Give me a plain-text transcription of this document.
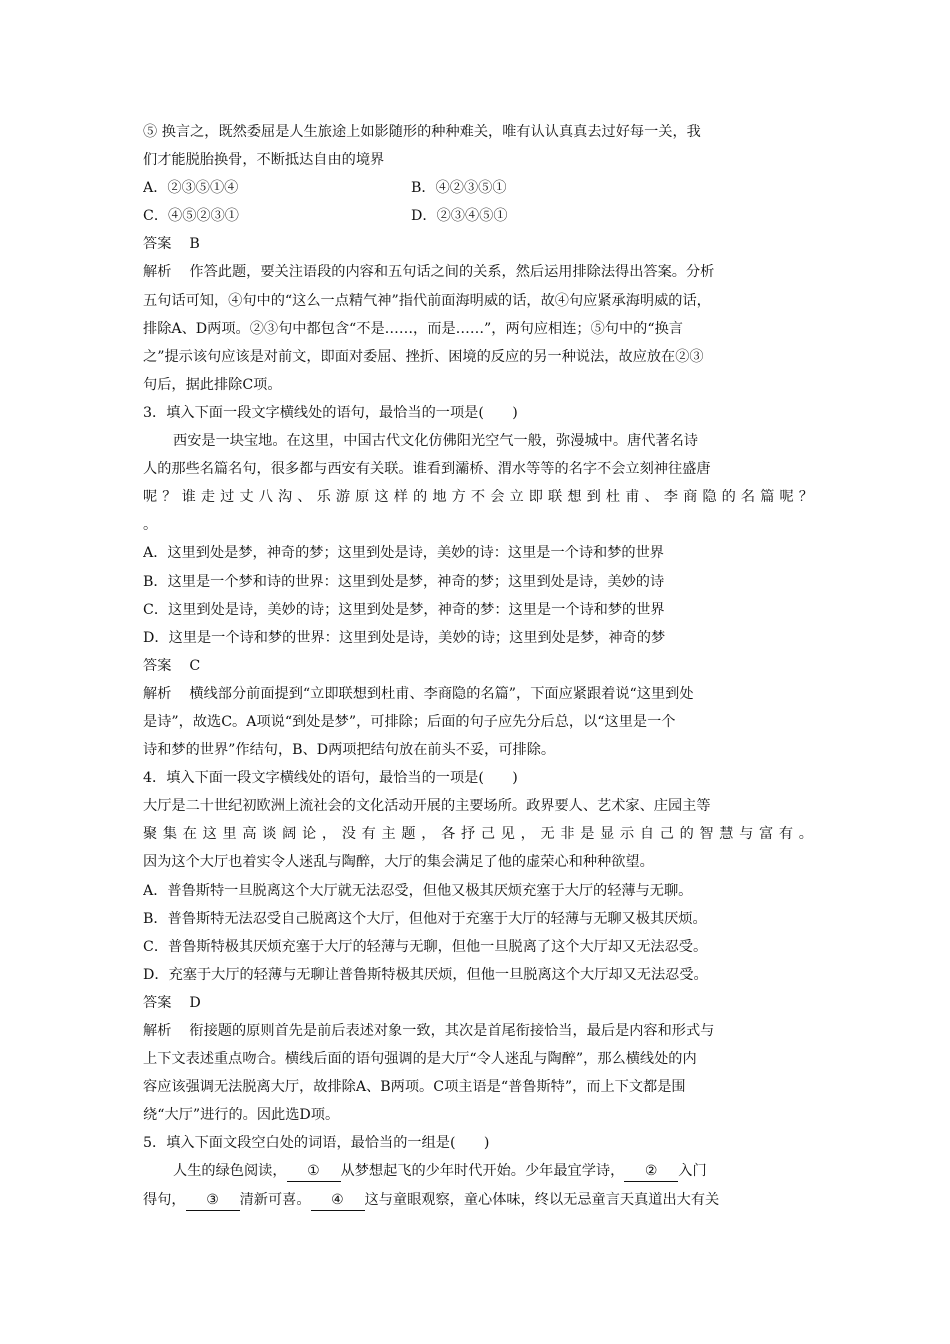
⑤ 换言之，既然委屈是人生旅途上如影随形的种种难关，唯有认认真真去过好每一关，我
们才能脱胎换骨，不断抵达自由的境界
A．②③⑤①④	B．④②③⑤①
C．④⑤②③①	D．②③④⑤①
答案 B
解析 作答此题，要关注语段的内容和五句话之间的关系，然后运用排除法得出答案。分析
五句话可知，④句中的“这么一点精气神”指代前面海明威的话，故④句应紧承海明威的话，
排除A、D两项。②③句中都包含“不是……，而是……”，两句应相连；⑤句中的“换言
之”提示该句应该是对前文，即面对委屈、挫折、困境的反应的另一种说法，故应放在②③
句后，据此排除C项。
3．填入下面一段文字横线处的语句，最恰当的一项是(　　)
西安是一块宝地。在这里，中国古代文化仿佛阳光空气一般，弥漫城中。唐代著名诗
人的那些名篇名句，很多都与西安有关联。谁看到灞桥、渭水等等的名字不会立刻神往盛唐
呢？谁走过丈八沟、乐游原这样的地方不会立即联想到杜甫、李商隐的名篇呢？
。
A．这里到处是梦，神奇的梦；这里到处是诗，美妙的诗：这里是一个诗和梦的世界
B．这里是一个梦和诗的世界：这里到处是梦，神奇的梦；这里到处是诗，美妙的诗
C．这里到处是诗，美妙的诗；这里到处是梦，神奇的梦：这里是一个诗和梦的世界
D．这里是一个诗和梦的世界：这里到处是诗，美妙的诗；这里到处是梦，神奇的梦
答案 C
解析 横线部分前面提到“立即联想到杜甫、李商隐的名篇”，下面应紧跟着说“这里到处
是诗”，故选C。A项说“到处是梦”，可排除；后面的句子应先分后总，以“这里是一个
诗和梦的世界”作结句，B、D两项把结句放在前头不妥，可排除。
4．填入下面一段文字横线处的语句，最恰当的一项是(　　)
大厅是二十世纪初欧洲上流社会的文化活动开展的主要场所。政界要人、艺术家、庄园主等
聚集在这里高谈阔论，没有主题，各抒己见，无非是显示自己的智慧与富有。
因为这个大厅也着实令人迷乱与陶醉，大厅的集会满足了他的虚荣心和种种欲望。
A．普鲁斯特一旦脱离这个大厅就无法忍受，但他又极其厌烦充塞于大厅的轻薄与无聊。
B．普鲁斯特无法忍受自己脱离这个大厅，但他对于充塞于大厅的轻薄与无聊又极其厌烦。
C．普鲁斯特极其厌烦充塞于大厅的轻薄与无聊，但他一旦脱离了这个大厅却又无法忍受。
D．充塞于大厅的轻薄与无聊让普鲁斯特极其厌烦，但他一旦脱离这个大厅却又无法忍受。
答案 D
解析 衔接题的原则首先是前后表述对象一致，其次是首尾衔接恰当，最后是内容和形式与
上下文表述重点吻合。横线后面的语句强调的是大厅“令人迷乱与陶醉”，那么横线处的内
容应该强调无法脱离大厅，故排除A、B两项。C项主语是“普鲁斯特”，而上下文都是围
绕“大厅”进行的。因此选D项。
5．填入下面文段空白处的词语，最恰当的一组是(　　)
人生的绿色阅读， ① 从梦想起飞的少年时代开始。少年最宜学诗， ② 入门
得句， ③ 清新可喜。 ④ 这与童眼观察，童心体味，终以无忌童言天真道出大有关
